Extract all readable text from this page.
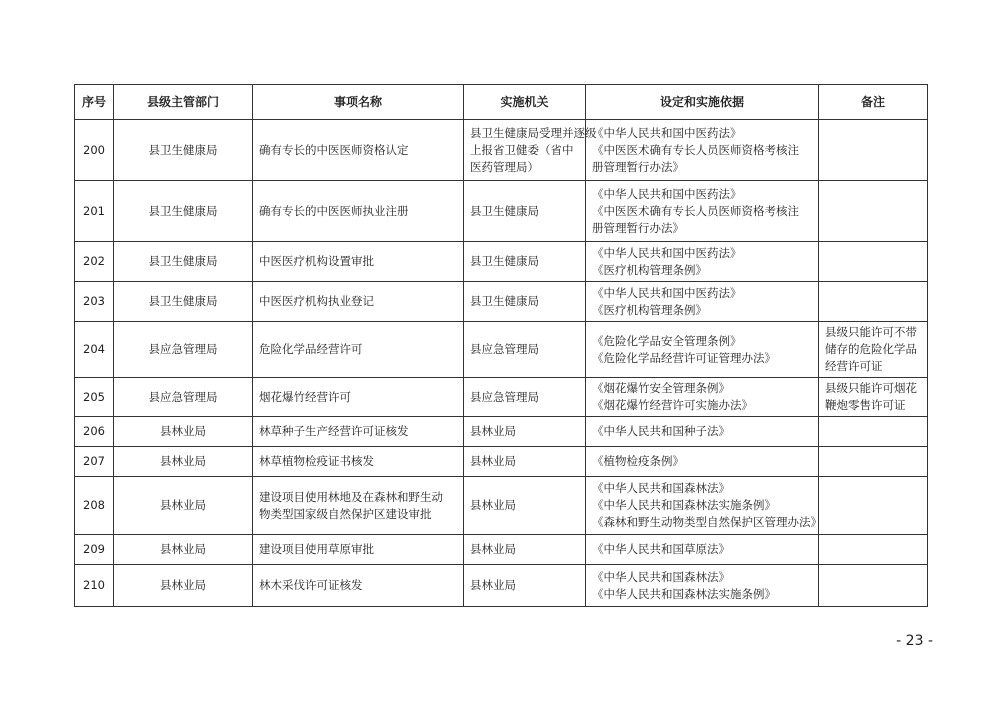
序号	县级主管部门	事项名称	实施机关	设定和实施依据	备注
200	县卫生健康局	确有专长的中医医师资格认定	县卫生健康局受理并逐级
上报省卫健委（省中
医药管理局）	《中华人民共和国中医药法》
《中医医术确有专长人员医师资格考核注
册管理暂行办法》	

201	县卫生健康局	确有专长的中医医师执业注册	县卫生健康局	《中华人民共和国中医药法》
《中医医术确有专长人员医师资格考核注
册管理暂行办法》	

202	县卫生健康局	中医医疗机构设置审批	县卫生健康局	《中华人民共和国中医药法》
《医疗机构管理条例》	

203	县卫生健康局	中医医疗机构执业登记	县卫生健康局	《中华人民共和国中医药法》
《医疗机构管理条例》	

204	县应急管理局	危险化学品经营许可	县应急管理局	《危险化学品安全管理条例》
《危险化学品经营许可证管理办法》	县级只能许可不带
储存的危险化学品
经营许可证

205	县应急管理局	烟花爆竹经营许可	县应急管理局	《烟花爆竹安全管理条例》
《烟花爆竹经营许可实施办法》	县级只能许可烟花
鞭炮零售许可证

206	县林业局	林草种子生产经营许可证核发	县林业局	《中华人民共和国种子法》	

207	县林业局	林草植物检疫证书核发	县林业局	《植物检疫条例》	

208	县林业局	建设项目使用林地及在森林和野生动
物类型国家级自然保护区建设审批	县林业局	《中华人民共和国森林法》
《中华人民共和国森林法实施条例》
《森林和野生动物类型自然保护区管理办法》	

209	县林业局	建设项目使用草原审批	县林业局	《中华人民共和国草原法》	

210	县林业局	林木采伐许可证核发	县林业局	《中华人民共和国森林法》
《中华人民共和国森林法实施条例》	

- 23 -
